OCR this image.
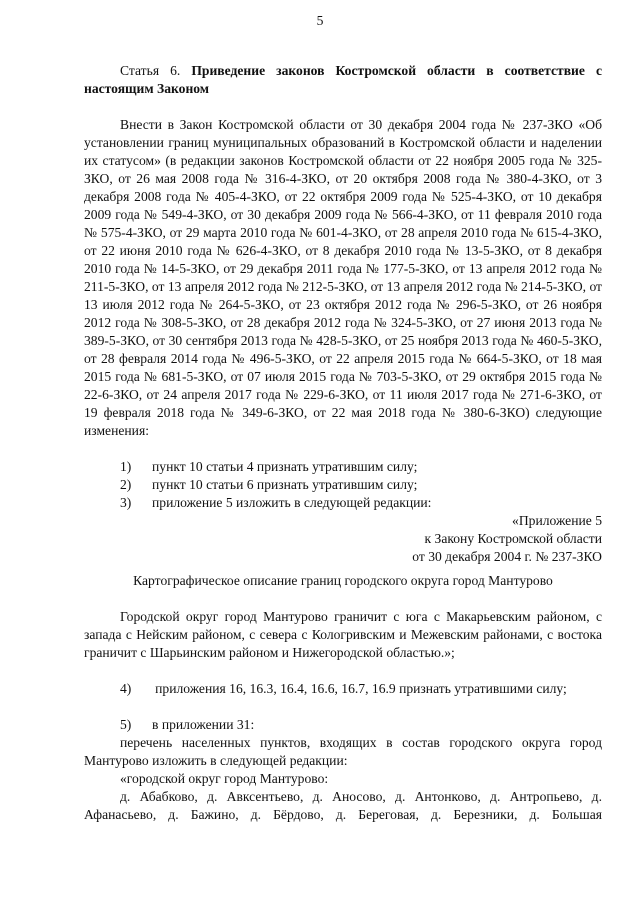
5
Статья 6. Приведение законов Костромской области в соответствие с настоящим Законом

Внести в Закон Костромской области от 30 декабря 2004 года № 237-ЗКО «Об установлении границ муниципальных образований в Костромской области и наделении их статусом» (в редакции законов Костромской области от 22 ноября 2005 года № 325-ЗКО, от 26 мая 2008 года № 316-4-ЗКО, от 20 октября 2008 года № 380-4-ЗКО, от 3 декабря 2008 года № 405-4-ЗКО, от 22 октября 2009 года № 525-4-ЗКО, от 10 декабря 2009 года № 549-4-ЗКО, от 30 декабря 2009 года № 566-4-ЗКО, от 11 февраля 2010 года № 575-4-ЗКО, от 29 марта 2010 года № 601-4-ЗКО, от 28 апреля 2010 года № 615-4-ЗКО, от 22 июня 2010 года № 626-4-ЗКО, от 8 декабря 2010 года № 13-5-ЗКО, от 8 декабря 2010 года № 14-5-ЗКО, от 29 декабря 2011 года № 177-5-ЗКО, от 13 апреля 2012 года № 211-5-ЗКО, от 13 апреля 2012 года № 212-5-ЗКО, от 13 апреля 2012 года № 214-5-ЗКО, от 13 июля 2012 года № 264-5-ЗКО, от 23 октября 2012 года № 296-5-ЗКО, от 26 ноября 2012 года № 308-5-ЗКО, от 28 декабря 2012 года № 324-5-ЗКО, от 27 июня 2013 года № 389-5-ЗКО, от 30 сентября 2013 года № 428-5-ЗКО, от 25 ноября 2013 года № 460-5-ЗКО, от 28 февраля 2014 года № 496-5-ЗКО, от 22 апреля 2015 года № 664-5-ЗКО, от 18 мая 2015 года № 681-5-ЗКО, от 07 июля 2015 года № 703-5-ЗКО, от 29 октября 2015 года № 22-6-ЗКО, от 24 апреля 2017 года № 229-6-ЗКО, от 11 июля 2017 года № 271-6-ЗКО, от 19 февраля 2018 года № 349-6-ЗКО, от 22 мая 2018 года № 380-6-ЗКО) следующие изменения:

1) пункт 10 статьи 4 признать утратившим силу;

2) пункт 10 статьи 6 признать утратившим силу;

3) приложение 5 изложить в следующей редакции:

«Приложение 5

к Закону Костромской области

от 30 декабря 2004 г. № 237-ЗКО

Картографическое описание границ городского округа город Мантурово

Городской округ город Мантурово граничит с юга с Макарьевским районом, с запада с Нейским районом, с севера с Кологривским и Межевским районами, с востока граничит с Шарьинским районом и Нижегородской областью.»;

4) приложения 16, 16.3, 16.4, 16.6, 16.7, 16.9 признать утратившими силу;

5) в приложении 31:

перечень населенных пунктов, входящих в состав городского округа город Мантурово изложить в следующей редакции:

«городской округ город Мантурово:

д. Абабково, д. Авксентьево, д. Аносово, д. Антонково, д. Антропьево, д. Афанасьево, д. Бажино, д. Бёрдово, д. Береговая, д. Березники, д. Большая
